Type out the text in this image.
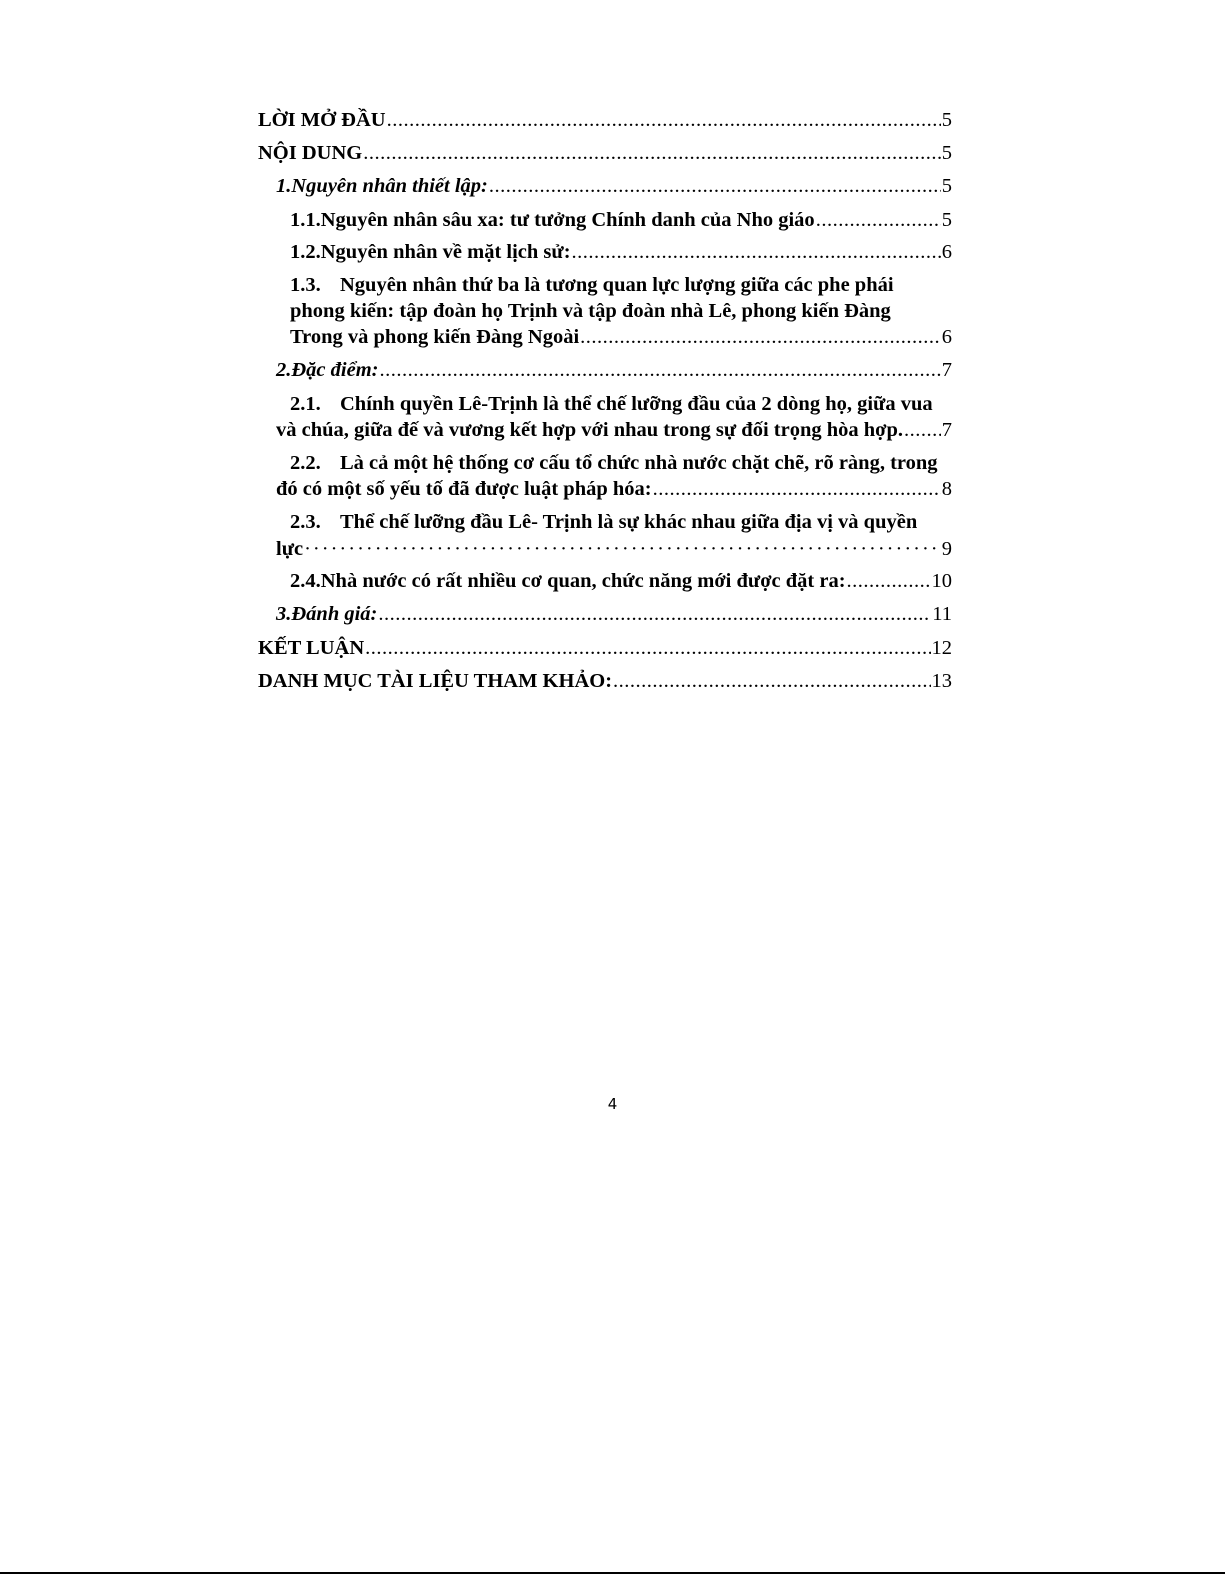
LỜI MỞ ĐẦU .....	5
NỘI DUNG .....	5
1. Nguyên nhân thiết lập: .....	5
1.1. Nguyên nhân sâu xa: tư tưởng Chính danh của Nho giáo .....	5
1.2. Nguyên nhân về mặt lịch sử: .....	6
1.3. Nguyên nhân thứ ba là tương quan lực lượng giữa các phe phái
phong kiến: tập đoàn họ Trịnh và tập đoàn nhà Lê, phong kiến Đàng
Trong và phong kiến Đàng Ngoài .....	6
2. Đặc điểm: .....	7
2.1. Chính quyền Lê-Trịnh là thể chế lưỡng đầu của 2 dòng họ, giữa vua
và chúa, giữa đế và vương kết hợp với nhau trong sự đối trọng hòa hợp. ..... 7
2.2. Là cả một hệ thống cơ cấu tổ chức nhà nước chặt chẽ, rõ ràng, trong
đó có một số yếu tố đã được luật pháp hóa: .....	8
2.3. Thể chế lưỡng đầu Lê- Trịnh là sự khác nhau giữa địa vị và quyền
lực ·····	9
2.4. Nhà nước có rất nhiều cơ quan, chức năng mới được đặt ra: .....	10
3. Đánh giá: .....	11
KẾT LUẬN .....	12
DANH MỤC TÀI LIỆU THAM KHẢO: .....	13
4
